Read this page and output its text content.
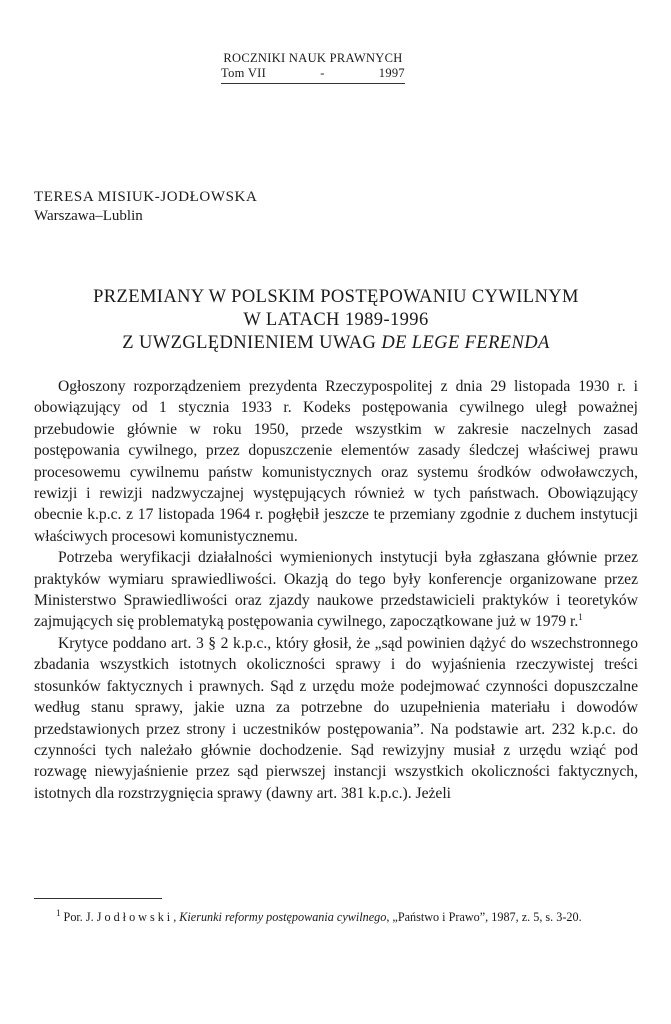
ROCZNIKI NAUK PRAWNYCH
Tom VII	-	1997
TERESA MISIUK-JODŁOWSKA
Warszawa–Lublin
PRZEMIANY W POLSKIM POSTĘPOWANIU CYWILNYM
W LATACH 1989-1996
Z UWZGLĘDNIENIEM UWAG DE LEGE FERENDA

Ogłoszony rozporządzeniem prezydenta Rzeczypospolitej z dnia 29 listopada 1930 r. i obowiązujący od 1 stycznia 1933 r. Kodeks postępowania cywilnego uległ poważnej przebudowie głównie w roku 1950, przede wszystkim w zakresie naczelnych zasad postępowania cywilnego, przez dopuszczenie elementów zasady śledczej właściwej prawu procesowemu cywilnemu państw komunistycznych oraz systemu środków odwoławczych, rewizji i rewizji nadzwyczajnej występujących również w tych państwach. Obowiązujący obecnie k.p.c. z 17 listopada 1964 r. pogłębił jeszcze te przemiany zgodnie z duchem instytucji właściwych procesowi komunistycznemu.

Potrzeba weryfikacji działalności wymienionych instytucji była zgłaszana głównie przez praktyków wymiaru sprawiedliwości. Okazją do tego były konferencje organizowane przez Ministerstwo Sprawiedliwości oraz zjazdy naukowe przedstawicieli praktyków i teoretyków zajmujących się problematyką postępowania cywilnego, zapoczątkowane już w 1979 r.$^1$

Krytyce poddano art. 3 § 2 k.p.c., który głosił, że „sąd powinien dążyć do wszechstronnego zbadania wszystkich istotnych okoliczności sprawy i do wyjaśnienia rzeczywistej treści stosunków faktycznych i prawnych. Sąd z urzędu może podejmować czynności dopuszczalne według stanu sprawy, jakie uzna za potrzebne do uzupełnienia materiału i dowodów przedstawionych przez strony i uczestników postępowania”. Na podstawie art. 232 k.p.c. do czynności tych należało głównie dochodzenie. Sąd rewizyjny musiał z urzędu wziąć pod rozwagę niewyjaśnienie przez sąd pierwszej instancji wszystkich okoliczności faktycznych, istotnych dla rozstrzygnięcia sprawy (dawny art. 381 k.p.c.). Jeżeli

$^1$ Por. J. Jodłowski, Kierunki reformy postępowania cywilnego, „Państwo i Prawo”, 1987, z. 5, s. 3-20.
